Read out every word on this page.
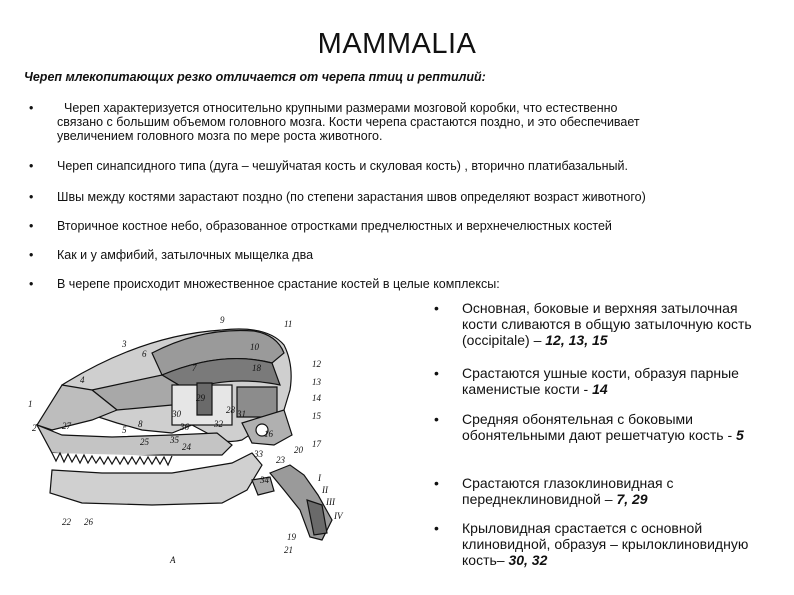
MAMMALIA
Череп млекопитающих резко отличается от черепа птиц и рептилий:
• Череп характеризуется относительно крупными размерами мозговой коробки, что естественно
связано с большим объемом головного мозга. Кости черепа срастаются поздно, и это обеспечивает
увеличением головного мозга по мере роста животного.
• Череп синапсидного типа (дуга – чешуйчатая кость и скуловая кость) , вторично платибазальный.
• Швы между костями зарастают поздно (по степени зарастания швов определяют возраст животного)
• Вторичное костное небо, образованное отростками предчелюстных и верхнечелюстных костей
• Как и у амфибий, затылочных мыщелка два
• В черепе происходит множественное срастание костей в целые комплексы:
• Основная, боковые и верхняя затылочная кости сливаются в общую затылочную кость (occipitale) – 12, 13, 15
• Срастаются ушные кости, образуя парные каменистые кости - 14
• Средняя обонятельная с боковыми обонятельными дают решетчатую кость - 5
• Срастаются глазоклиновидная с переднеклиновидной – 7, 29
• Крыловидная срастается с основной клиновидной, образуя – крылоклиновидную кость– 30, 32
9
10
11
3
6
4
7
29
18	12
13
14
15
16
20
17
28
1
2	27
26
30
36
35
5
8
25	24
23
19
21
22
31
32
33
34	I
II
III
IV
А
